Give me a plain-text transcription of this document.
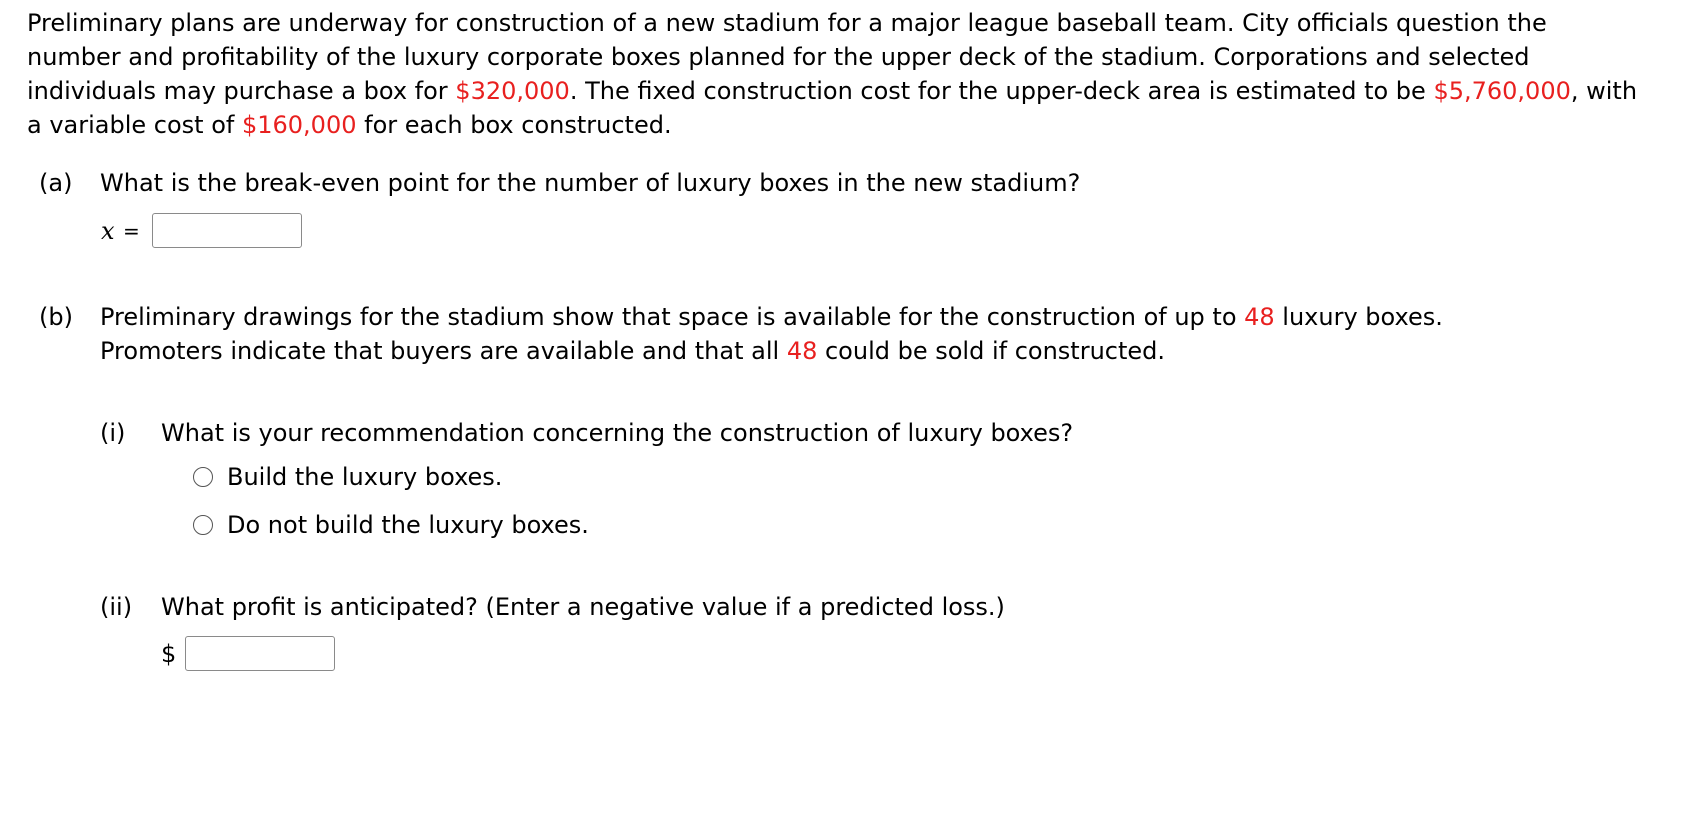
Preliminary plans are underway for construction of a new stadium for a major league baseball team. City officials question the number and profitability of the luxury corporate boxes planned for the upper deck of the stadium. Corporations and selected individuals may purchase a box for $320,000. The fixed construction cost for the upper-deck area is estimated to be $5,760,000, with a variable cost of $160,000 for each box constructed.

(a) What is the break-even point for the number of luxury boxes in the new stadium?

x =
(b) Preliminary drawings for the stadium show that space is available for the construction of up to 48 luxury boxes. Promoters indicate that buyers are available and that all 48 could be sold if constructed.

(i) What is your recommendation concerning the construction of luxury boxes?

Build the luxury boxes.
Do not build the luxury boxes.
(ii) What profit is anticipated? (Enter a negative value if a predicted loss.)

$
